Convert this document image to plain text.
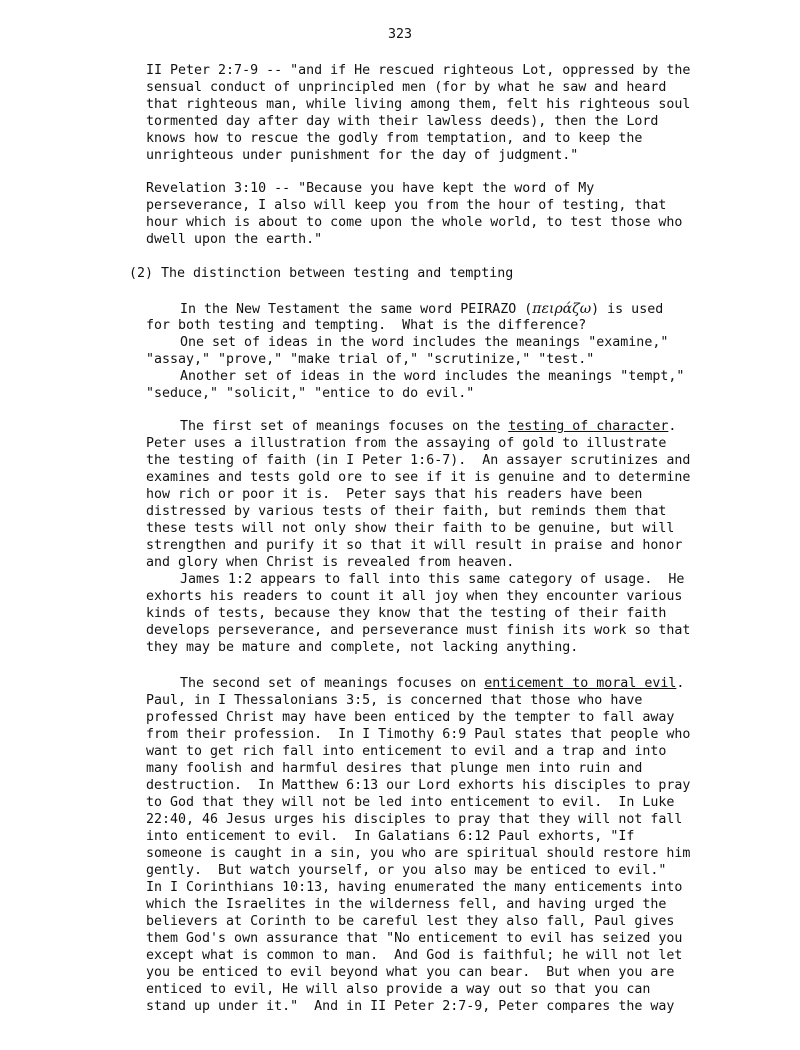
323
II Peter 2:7-9 -- "and if He rescued righteous Lot, oppressed by the
sensual conduct of unprincipled men (for by what he saw and heard
that righteous man, while living among them, felt his righteous soul
tormented day after day with their lawless deeds), then the Lord
knows how to rescue the godly from temptation, and to keep the
unrighteous under punishment for the day of judgment."
Revelation 3:10 -- "Because you have kept the word of My
perseverance, I also will keep you from the hour of testing, that
hour which is about to come upon the whole world, to test those who
dwell upon the earth."
(2) The distinction between testing and tempting
In the New Testament the same word PEIRAZO (πειράζω) is used
for both testing and tempting.  What is the difference?
One set of ideas in the word includes the meanings "examine,"
"assay," "prove," "make trial of," "scrutinize," "test."
Another set of ideas in the word includes the meanings "tempt,"
"seduce," "solicit," "entice to do evil."
The first set of meanings focuses on the testing of character.
Peter uses a illustration from the assaying of gold to illustrate
the testing of faith (in I Peter 1:6-7).  An assayer scrutinizes and
examines and tests gold ore to see if it is genuine and to determine
how rich or poor it is.  Peter says that his readers have been
distressed by various tests of their faith, but reminds them that
these tests will not only show their faith to be genuine, but will
strengthen and purify it so that it will result in praise and honor
and glory when Christ is revealed from heaven.
James 1:2 appears to fall into this same category of usage.  He
exhorts his readers to count it all joy when they encounter various
kinds of tests, because they know that the testing of their faith
develops perseverance, and perseverance must finish its work so that
they may be mature and complete, not lacking anything.
The second set of meanings focuses on enticement to moral evil.
Paul, in I Thessalonians 3:5, is concerned that those who have
professed Christ may have been enticed by the tempter to fall away
from their profession.  In I Timothy 6:9 Paul states that people who
want to get rich fall into enticement to evil and a trap and into
many foolish and harmful desires that plunge men into ruin and
destruction.  In Matthew 6:13 our Lord exhorts his disciples to pray
to God that they will not be led into enticement to evil.  In Luke
22:40, 46 Jesus urges his disciples to pray that they will not fall
into enticement to evil.  In Galatians 6:12 Paul exhorts, "If
someone is caught in a sin, you who are spiritual should restore him
gently.  But watch yourself, or you also may be enticed to evil."
In I Corinthians 10:13, having enumerated the many enticements into
which the Israelites in the wilderness fell, and having urged the
believers at Corinth to be careful lest they also fall, Paul gives
them God's own assurance that "No enticement to evil has seized you
except what is common to man.  And God is faithful; he will not let
you be enticed to evil beyond what you can bear.  But when you are
enticed to evil, He will also provide a way out so that you can
stand up under it."  And in II Peter 2:7-9, Peter compares the way
